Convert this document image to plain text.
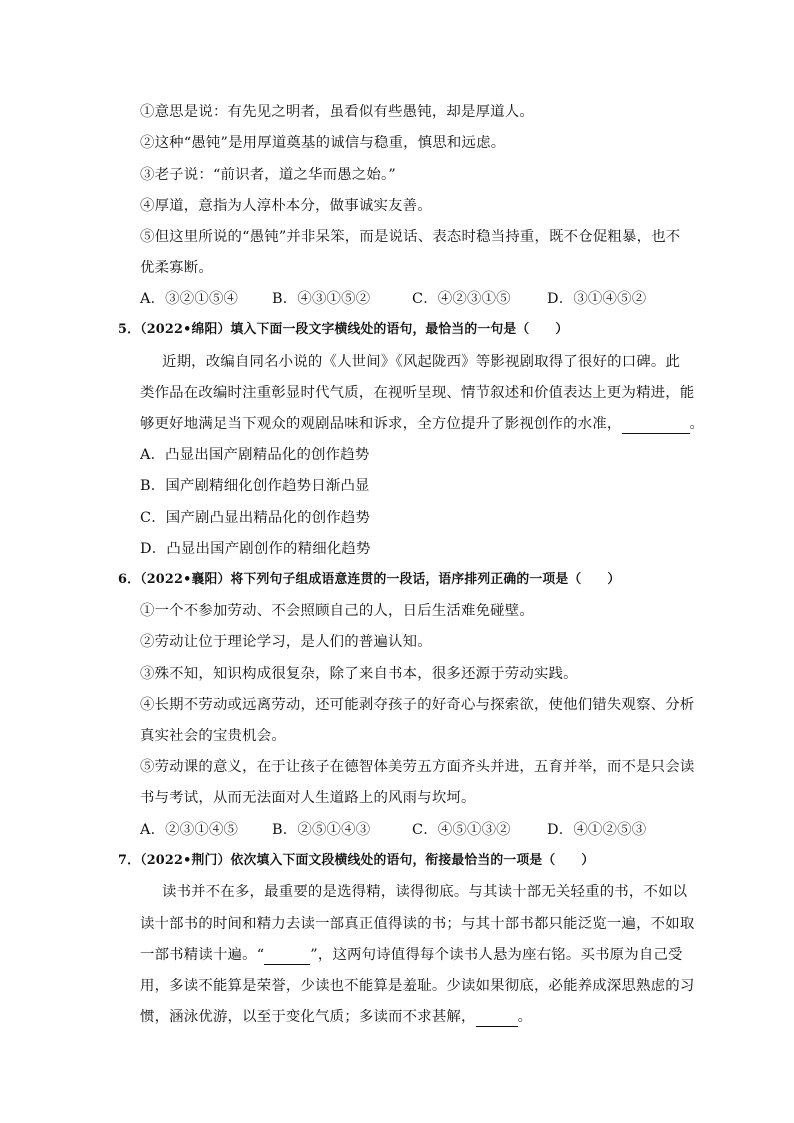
①意思是说：有先见之明者，虽看似有些愚钝，却是厚道人。
②这种“愚钝”是用厚道奠基的诚信与稳重，慎思和远虑。
③老子说：“前识者，道之华而愚之始。”
④厚道，意指为人淳朴本分，做事诚实友善。
⑤但这里所说的“愚钝”并非呆笨，而是说话、表态时稳当持重，既不仓促粗暴，也不
优柔寡断。
A．③②①⑤④ B．④③①⑤②	C．④②③①⑤	D．③①④⑤②
5．（2022•绵阳）填入下面一段文字横线处的语句，最恰当的一句是（　　）
近期，改编自同名小说的《人世间》《风起陇西》等影视剧取得了很好的口碑。此
类作品在改编时注重彰显时代气质，在视听呈现、情节叙述和价值表达上更为精进，能
够更好地满足当下观众的观剧品味和诉求，全方位提升了影视创作的水准，	。
A．凸显出国产剧精品化的创作趋势
B．国产剧精细化创作趋势日渐凸显
C．国产剧凸显出精品化的创作趋势
D．凸显出国产剧创作的精细化趋势
6．（2022•襄阳）将下列句子组成语意连贯的一段话，语序排列正确的一项是（　　）
①一个不参加劳动、不会照顾自己的人，日后生活难免碰壁。
②劳动让位于理论学习，是人们的普遍认知。
③殊不知，知识构成很复杂，除了来自书本，很多还源于劳动实践。
④长期不劳动或远离劳动，还可能剥夺孩子的好奇心与探索欲，使他们错失观察、分析
真实社会的宝贵机会。
⑤劳动课的意义，在于让孩子在德智体美劳五方面齐头并进，五育并举，而不是只会读
书与考试，从而无法面对人生道路上的风雨与坎坷。
A．②③①④⑤ B．②⑤①④③	C．④⑤①③②	D．④①②⑤③
7．（2022•荆门）依次填入下面文段横线处的语句，衔接最恰当的一项是（　　）
读书并不在多，最重要的是选得精，读得彻底。与其读十部无关轻重的书，不如以
读十部书的时间和精力去读一部真正值得读的书；与其十部书都只能泛览一遍，不如取
一部书精读十遍。“	”，这两句诗值得每个读书人悬为座右铭。买书原为自己受
用，多读不能算是荣誉，少读也不能算是羞耻。少读如果彻底，必能养成深思熟虑的习
惯，涵泳优游，以至于变化气质；多读而不求甚解，	。
